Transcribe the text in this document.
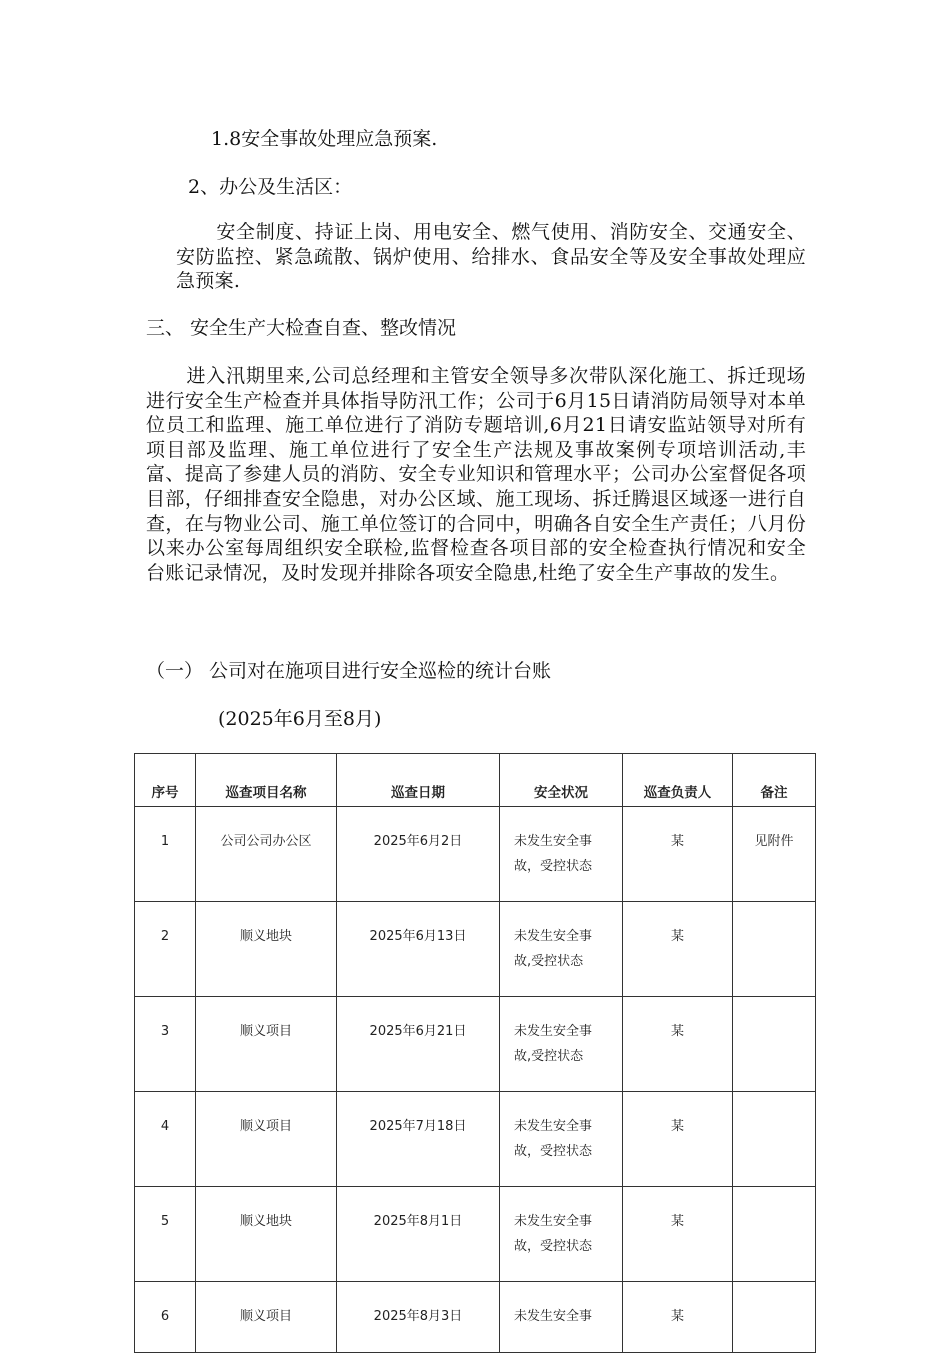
1.8安全事故处理应急预案.
2、办公及生活区：
安全制度、持证上岗、用电安全、燃气使用、消防安全、交通安全、安防监控、紧急疏散、锅炉使用、给排水、食品安全等及安全事故处理应急预案.
三、 安全生产大检查自查、整改情况
进入汛期里来,公司总经理和主管安全领导多次带队深化施工、拆迁现场进行安全生产检查并具体指导防汛工作；公司于6月15日请消防局领导对本单位员工和监理、施工单位进行了消防专题培训,6月21日请安监站领导对所有项目部及监理、施工单位进行了安全生产法规及事故案例专项培训活动,丰富、提高了参建人员的消防、安全专业知识和管理水平；公司办公室督促各项目部，仔细排查安全隐患，对办公区域、施工现场、拆迁腾退区域逐一进行自查，在与物业公司、施工单位签订的合同中，明确各自安全生产责任；八月份以来办公室每周组织安全联检,监督检查各项目部的安全检查执行情况和安全台账记录情况，及时发现并排除各项安全隐患,杜绝了安全生产事故的发生。
（一） 公司对在施项目进行安全巡检的统计台账
(2025年6月至8月)
序号	巡查项目名称	巡查日期	安全状况	巡查负责人	备注
1	公司公司办公区	2025年6月2日	未发生安全事
故，受控状态	某	见附件
2	顺义地块	2025年6月13日	未发生安全事
故,受控状态	某	
3	顺义项目	2025年6月21日	未发生安全事
故,受控状态	某	
4	顺义项目	2025年7月18日	未发生安全事
故，受控状态	某	
5	顺义地块	2025年8月1日	未发生安全事
故，受控状态	某	
6	顺义项目	2025年8月3日	未发生安全事	某	
